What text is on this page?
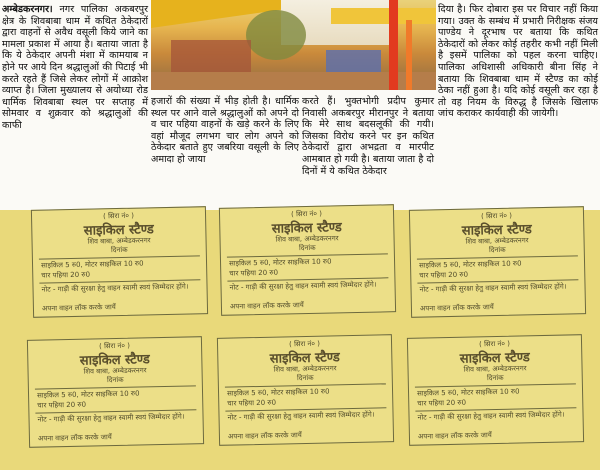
अम्बेडकरनगर। नगर पालिका अकबरपुर क्षेत्र के शिवबाबा धाम में कथित ठेकेदारों द्वारा वाहनों से अवैध वसूली किये जाने का मामला प्रकाश में आया है। बताया जाता है कि ये ठेकेदार अपनी मंशा में कामयाब न होने पर आये दिन श्रद्धालुओं की पिटाई भी करते रहते हैं जिसे लेकर लोगों में आक्रोश व्याप्त है। जिला मुख्यालय से अयोध्या रोड धार्मिक शिवबाबा स्थल पर सप्ताह में सोमवार व शुक्रवार को श्रद्धालुओं की काफी

हजारों की संख्या में भीड़ होती है। धार्मिक स्थल पर आने वाले श्रद्धालुओं को अपने दो व चार पहिया वाहनों के खड़े करने के लिए वहां मौजूद लगभग चार लोग अपने को ठेकेदार बताते हुए जबरिया वसूली के लिए अमादा हो जाया

करते हैं। भुक्तभोगी प्रदीप कुमार निवासी अकबरपुर मीरानपुर ने बताया कि मेरे साथ बदसलूकी की गयी। जिसका विरोध करने पर इन कथित ठेकेदारों द्वारा अभद्रता व मारपीट आमबात हो गयी है। बताया जाता है दो दिनों में ये कथित ठेकेदार

दिया है। फिर दोबारा इस पर विचार नहीं किया गया। उक्त के सम्बंध में प्रभारी निरीक्षक संजय पाण्डेय ने दूरभाष पर बताया कि कथित ठेकेदारों को लेकर कोई तहरीर कभी नहीं मिली है इसमें पालिका को पहल करना चाहिए। पालिका अधिशासी अधिकारी बीना सिंह ने बताया कि शिवबाबा धाम में स्टैण्ड का कोई ठेका नहीं हुआ है। यदि कोई वसूली कर रहा है तो वह नियम के विरुद्ध है जिसके खिलाफ जांच कराकर कार्यवाही की जायेगी।

( सिरा नं० )
साइकिल स्टैण्ड
शिव बाबा, अम्बेडकरनगर
दिनांक
साइकिल 5 रु0, मोटर साइकिल 10 रु0
चार पहिया 20 रु0
नोट - गाड़ी की सुरक्षा हेतु वाहन स्वामी स्वयं जिम्मेदार होंगे।
अपना वाहन लॉक करके जायें
( सिरा नं० )
साइकिल स्टैण्ड
शिव बाबा, अम्बेडकरनगर
दिनांक
साइकिल 5 रु0, मोटर साइकिल 10 रु0
चार पहिया 20 रु0
नोट - गाड़ी की सुरक्षा हेतु वाहन स्वामी स्वयं जिम्मेदार होंगे।
अपना वाहन लॉक करके जायें
( सिरा नं० )
साइकिल स्टैण्ड
शिव बाबा, अम्बेडकरनगर
दिनांक
साइकिल 5 रु0, मोटर साइकिल 10 रु0
चार पहिया 20 रु0
नोट - गाड़ी की सुरक्षा हेतु वाहन स्वामी स्वयं जिम्मेदार होंगे।
अपना वाहन लॉक करके जायें
( सिरा नं० )
साइकिल स्टैण्ड
शिव बाबा, अम्बेडकरनगर
दिनांक
साइकिल 5 रु0, मोटर साइकिल 10 रु0
चार पहिया 20 रु0
नोट - गाड़ी की सुरक्षा हेतु वाहन स्वामी स्वयं जिम्मेदार होंगे।
अपना वाहन लॉक करके जायें
( सिरा नं० )
साइकिल स्टैण्ड
शिव बाबा, अम्बेडकरनगर
दिनांक
साइकिल 5 रु0, मोटर साइकिल 10 रु0
चार पहिया 20 रु0
नोट - गाड़ी की सुरक्षा हेतु वाहन स्वामी स्वयं जिम्मेदार होंगे।
अपना वाहन लॉक करके जायें
( सिरा नं० )
साइकिल स्टैण्ड
शिव बाबा, अम्बेडकरनगर
दिनांक
साइकिल 5 रु0, मोटर साइकिल 10 रु0
चार पहिया 20 रु0
नोट - गाड़ी की सुरक्षा हेतु वाहन स्वामी स्वयं जिम्मेदार होंगे।
अपना वाहन लॉक करके जायें
